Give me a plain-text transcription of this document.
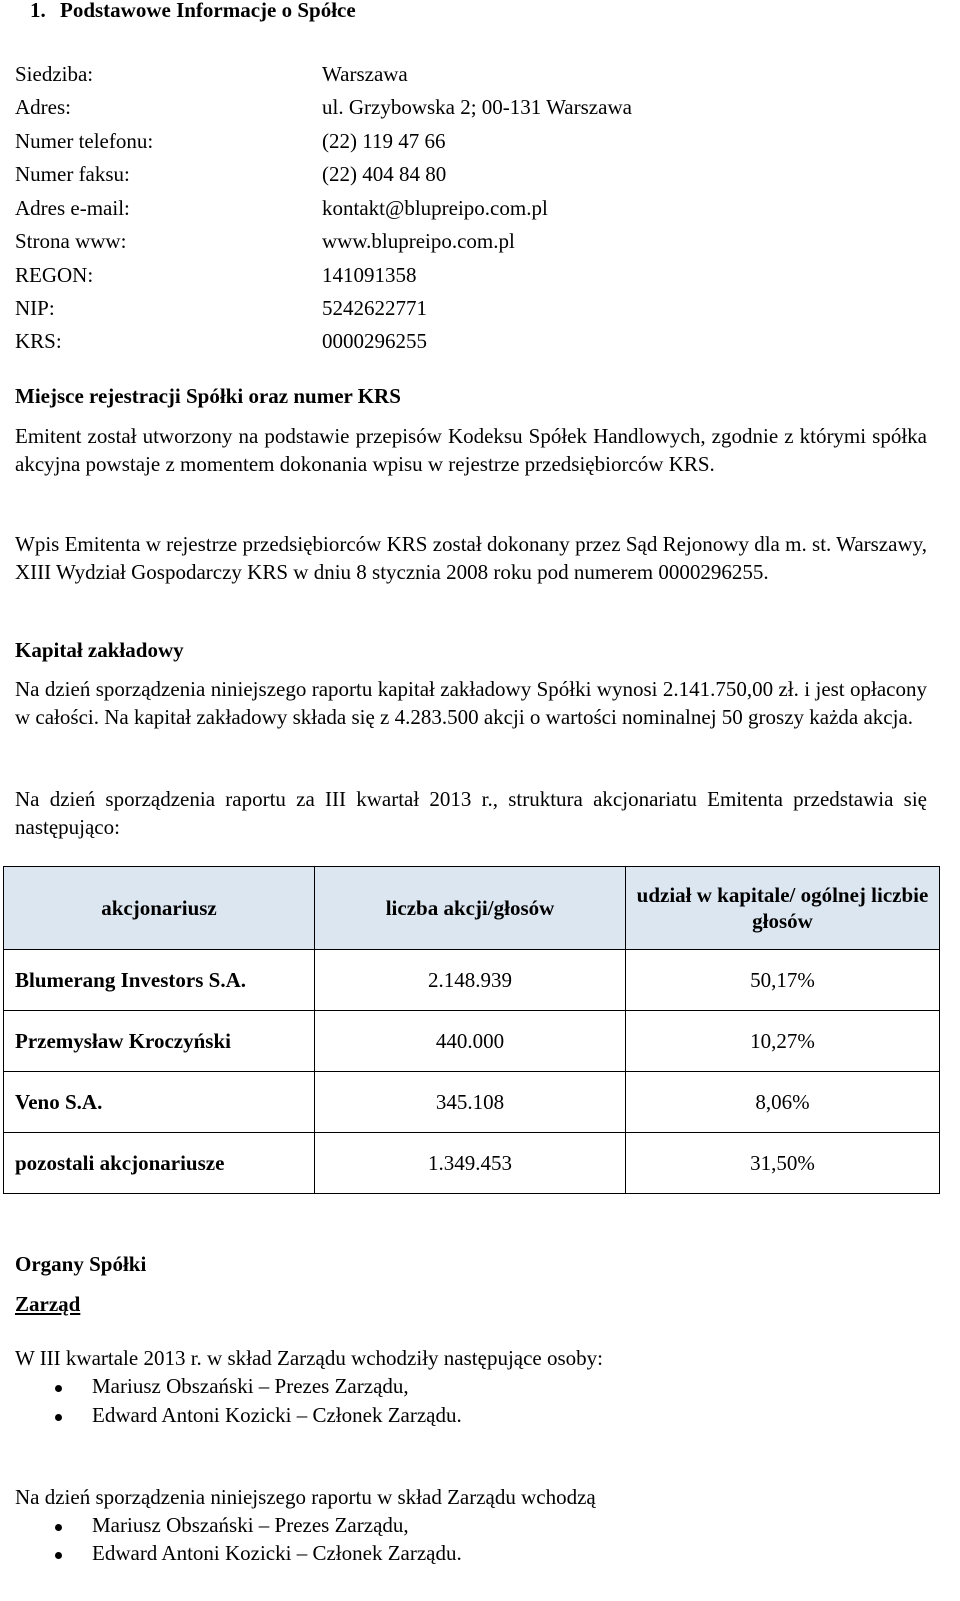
1. Podstawowe Informacje o Spółce
Siedziba:	Warszawa
Adres:	ul. Grzybowska 2; 00-131 Warszawa
Numer telefonu:	(22) 119 47 66
Numer faksu:	(22) 404 84 80
Adres e-mail:	kontakt@blupreipo.com.pl
Strona www:	www.blupreipo.com.pl
REGON:	141091358
NIP:	5242622771
KRS:	0000296255
Miejsce rejestracji Spółki oraz numer KRS
Emitent został utworzony na podstawie przepisów Kodeksu Spółek Handlowych, zgodnie z którymi spółka akcyjna powstaje z momentem dokonania wpisu w rejestrze przedsiębiorców KRS.
Wpis Emitenta w rejestrze przedsiębiorców KRS został dokonany przez Sąd Rejonowy dla m. st. Warszawy, XIII Wydział Gospodarczy KRS w dniu 8 stycznia 2008 roku pod numerem 0000296255.
Kapitał zakładowy
Na dzień sporządzenia niniejszego raportu kapitał zakładowy Spółki wynosi 2.141.750,00 zł. i jest opłacony w całości. Na kapitał zakładowy składa się z 4.283.500 akcji o wartości nominalnej 50 groszy każda akcja.
Na dzień sporządzenia raportu za III kwartał 2013 r., struktura akcjonariatu Emitenta przedstawia się następująco:
akcjonariusz	liczba akcji/głosów	udział w kapitale/ ogólnej liczbie głosów
Blumerang Investors S.A.	2.148.939	50,17%
Przemysław Kroczyński	440.000	10,27%
Veno S.A.	345.108	8,06%
pozostali akcjonariusze	1.349.453	31,50%
Organy Spółki
Zarząd
W III kwartale 2013 r. w skład Zarządu wchodziły następujące osoby:
Mariusz Obszański – Prezes Zarządu,
Edward Antoni Kozicki – Członek Zarządu.
Na dzień sporządzenia niniejszego raportu w skład Zarządu wchodzą
Mariusz Obszański – Prezes Zarządu,
Edward Antoni Kozicki – Członek Zarządu.
